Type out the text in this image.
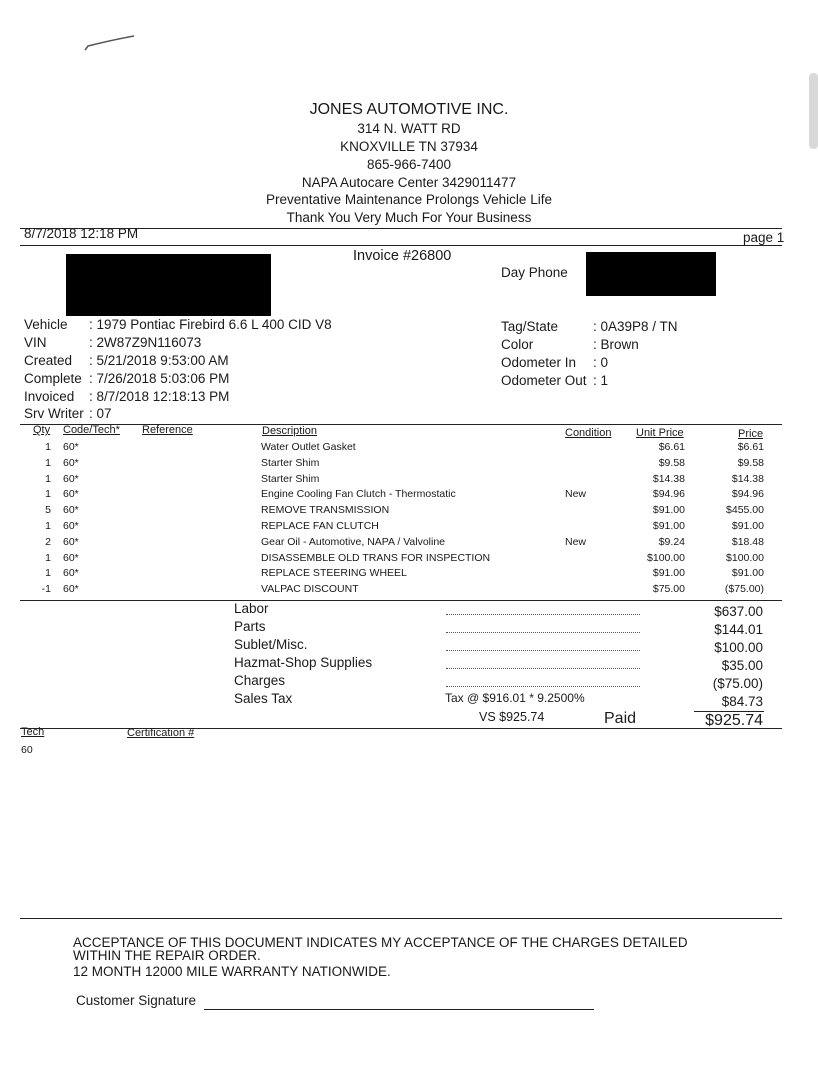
JONES AUTOMOTIVE INC.
314 N. WATT RD
KNOXVILLE TN 37934
865-966-7400
NAPA Autocare Center 3429011477
Preventative Maintenance Prolongs Vehicle Life
Thank You Very Much For Your Business
8/7/2018 12:18 PM	page 1
Invoice #26800
Day Phone
Vehicle : 1979 Pontiac Firebird 6.6 L 400 CID V8
VIN	: 2W87Z9N116073
Created : 5/21/2018 9:53:00 AM
Complete : 7/26/2018 5:03:06 PM
Invoiced : 8/7/2018 12:18:13 PM
Srv Writer : 07
Tag/State	: 0A39P8 / TN
Color	: Brown
Odometer In : 0
Odometer Out : 1
Qty Code/Tech* Reference	Description	Condition Unit Price	Price
1 60*	Water Outlet Gasket	$6.61	$6.61
1 60*	Starter Shim	$9.58	$9.58
1 60*	Starter Shim	$14.38	$14.38
1 60*	Engine Cooling Fan Clutch - Thermostatic	New	$94.96	$94.96
5 60*	REMOVE TRANSMISSION	$91.00	$455.00
1 60*	REPLACE FAN CLUTCH	$91.00	$91.00
2 60*	Gear Oil - Automotive, NAPA / Valvoline	New	$9.24	$18.48
1 60*	DISASSEMBLE OLD TRANS FOR INSPECTION	$100.00	$100.00
1 60*	REPLACE STEERING WHEEL	$91.00	$91.00
-1 60*	VALPAC DISCOUNT	$75.00	($75.00)
Labor	$637.00
Parts	$144.01
Sublet/Misc.	$100.00
Hazmat-Shop Supplies	$35.00
Charges	($75.00)
Sales Tax	$84.73
Tax @ $916.01 * 9.2500%
VS $925.74	Paid	$925.74
Tech	Certification #
60
ACCEPTANCE OF THIS DOCUMENT INDICATES MY ACCEPTANCE OF THE CHARGES DETAILED
WITHIN THE REPAIR ORDER.
12 MONTH 12000 MILE WARRANTY NATIONWIDE.
Customer Signature
